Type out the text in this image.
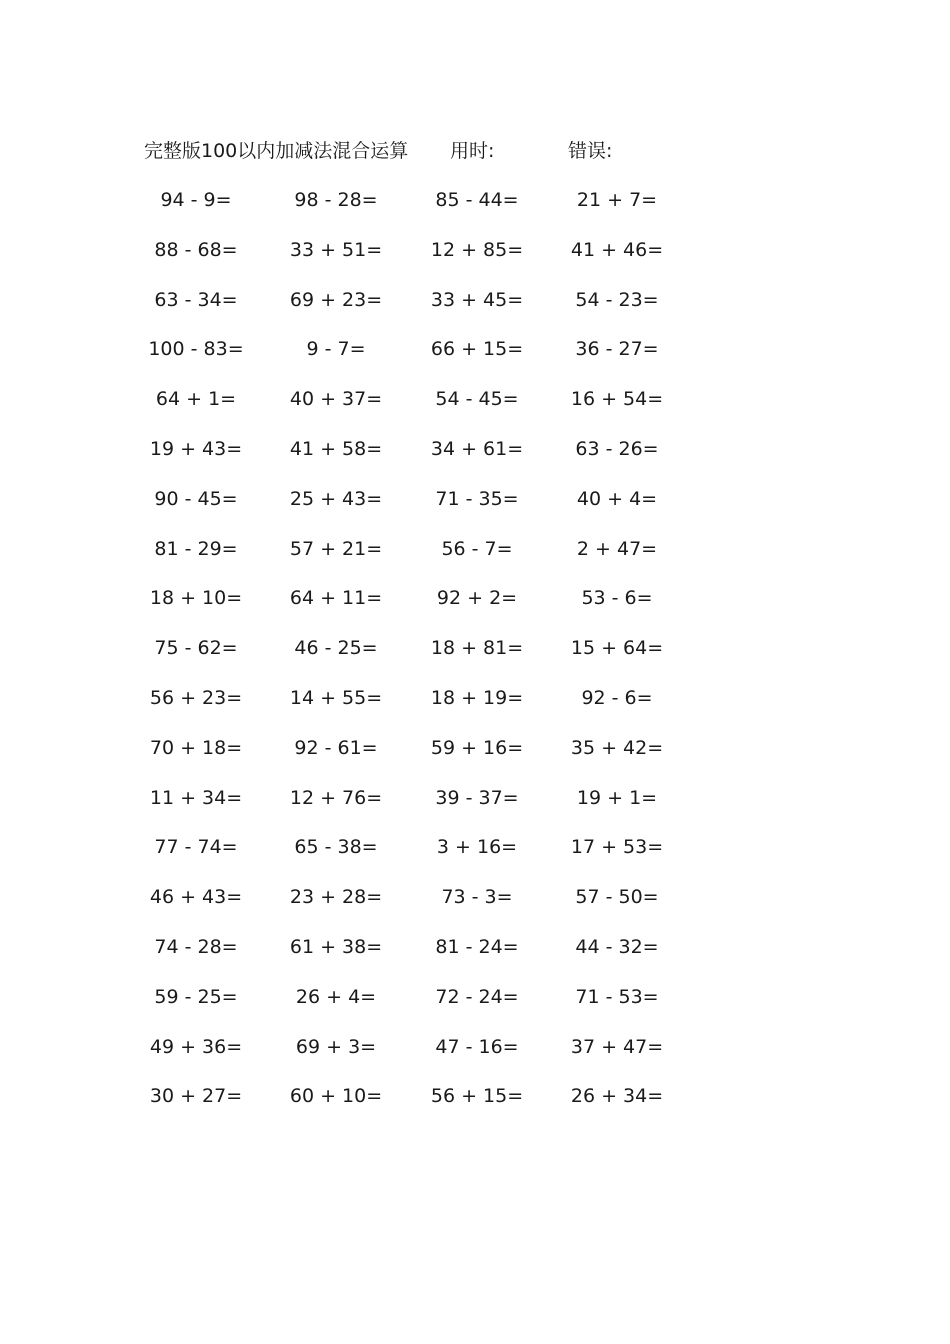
完整版100以内加减法混合运算 用时:	错误:
94 - 9=	98 - 28=	85 - 44=	21 + 7=
88 - 68=	33 + 51=	12 + 85=	41 + 46=
63 - 34=	69 + 23=	33 + 45=	54 - 23=
100 - 83=	9 - 7=	66 + 15=	36 - 27=
64 + 1=	40 + 37=	54 - 45=	16 + 54=
19 + 43=	41 + 58=	34 + 61=	63 - 26=
90 - 45=	25 + 43=	71 - 35=	40 + 4=
81 - 29=	57 + 21=	56 - 7=	2 + 47=
18 + 10=	64 + 11=	92 + 2=	53 - 6=
75 - 62=	46 - 25=	18 + 81=	15 + 64=
56 + 23=	14 + 55=	18 + 19=	92 - 6=
70 + 18=	92 - 61=	59 + 16=	35 + 42=
11 + 34=	12 + 76=	39 - 37=	19 + 1=
77 - 74=	65 - 38=	3 + 16=	17 + 53=
46 + 43=	23 + 28=	73 - 3=	57 - 50=
74 - 28=	61 + 38=	81 - 24=	44 - 32=
59 - 25=	26 + 4=	72 - 24=	71 - 53=
49 + 36=	69 + 3=	47 - 16=	37 + 47=
30 + 27=	60 + 10=	56 + 15=	26 + 34=
